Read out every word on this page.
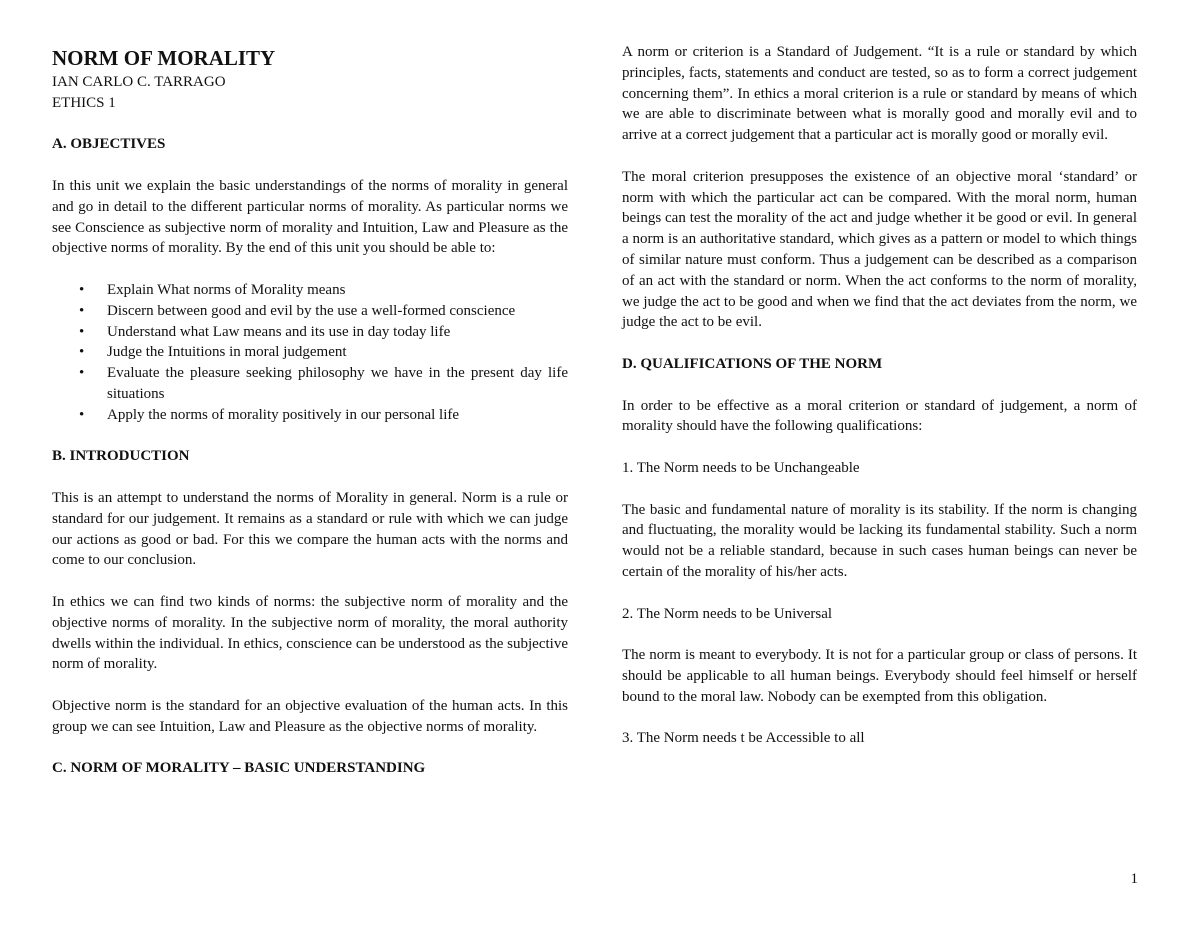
NORM OF MORALITY
IAN CARLO C. TARRAGO
ETHICS 1
A. OBJECTIVES

In this unit we explain the basic understandings of the norms of morality in general and go in detail to the different particular norms of morality. As particular norms we see Conscience as subjective norm of morality and Intuition, Law and Pleasure as the objective norms of morality. By the end of this unit you should be able to:

• Explain What norms of Morality means
• Discern between good and evil by the use a well-formed conscience
• Understand what Law means and its use in day today life
• Judge the Intuitions in moral judgement
• Evaluate the pleasure seeking philosophy we have in the present day life situations
• Apply the norms of morality positively in our personal life
B. INTRODUCTION

This is an attempt to understand the norms of Morality in general. Norm is a rule or standard for our judgement. It remains as a standard or rule with which we can judge our actions as good or bad. For this we compare the human acts with the norms and come to our conclusion.

In ethics we can find two kinds of norms: the subjective norm of morality and the objective norms of morality. In the subjective norm of morality, the moral authority dwells within the individual. In ethics, conscience can be understood as the subjective norm of morality.

Objective norm is the standard for an objective evaluation of the human acts. In this group we can see Intuition, Law and Pleasure as the objective norms of morality.

C. NORM OF MORALITY – BASIC UNDERSTANDING

A norm or criterion is a Standard of Judgement. “It is a rule or standard by which principles, facts, statements and conduct are tested, so as to form a correct judgement concerning them”. In ethics a moral criterion is a rule or standard by means of which we are able to discriminate between what is morally good and morally evil and to arrive at a correct judgement that a particular act is morally good or morally evil.

The moral criterion presupposes the existence of an objective moral ‘standard’ or norm with which the particular act can be compared. With the moral norm, human beings can test the morality of the act and judge whether it be good or evil. In general a norm is an authoritative standard, which gives as a pattern or model to which things of similar nature must conform. Thus a judgement can be described as a comparison of an act with the standard or norm. When the act conforms to the norm of morality, we judge the act to be good and when we find that the act deviates from the norm, we judge the act to be evil.

D. QUALIFICATIONS OF THE NORM

In order to be effective as a moral criterion or standard of judgement, a norm of morality should have the following qualifications:

1. The Norm needs to be Unchangeable

The basic and fundamental nature of morality is its stability. If the norm is changing and fluctuating, the morality would be lacking its fundamental stability. Such a norm would not be a reliable standard, because in such cases human beings can never be certain of the morality of his/her acts.

2. The Norm needs to be Universal

The norm is meant to everybody. It is not for a particular group or class of persons. It should be applicable to all human beings. Everybody should feel himself or herself bound to the moral law. Nobody can be exempted from this obligation.

3. The Norm needs t be Accessible to all

1
